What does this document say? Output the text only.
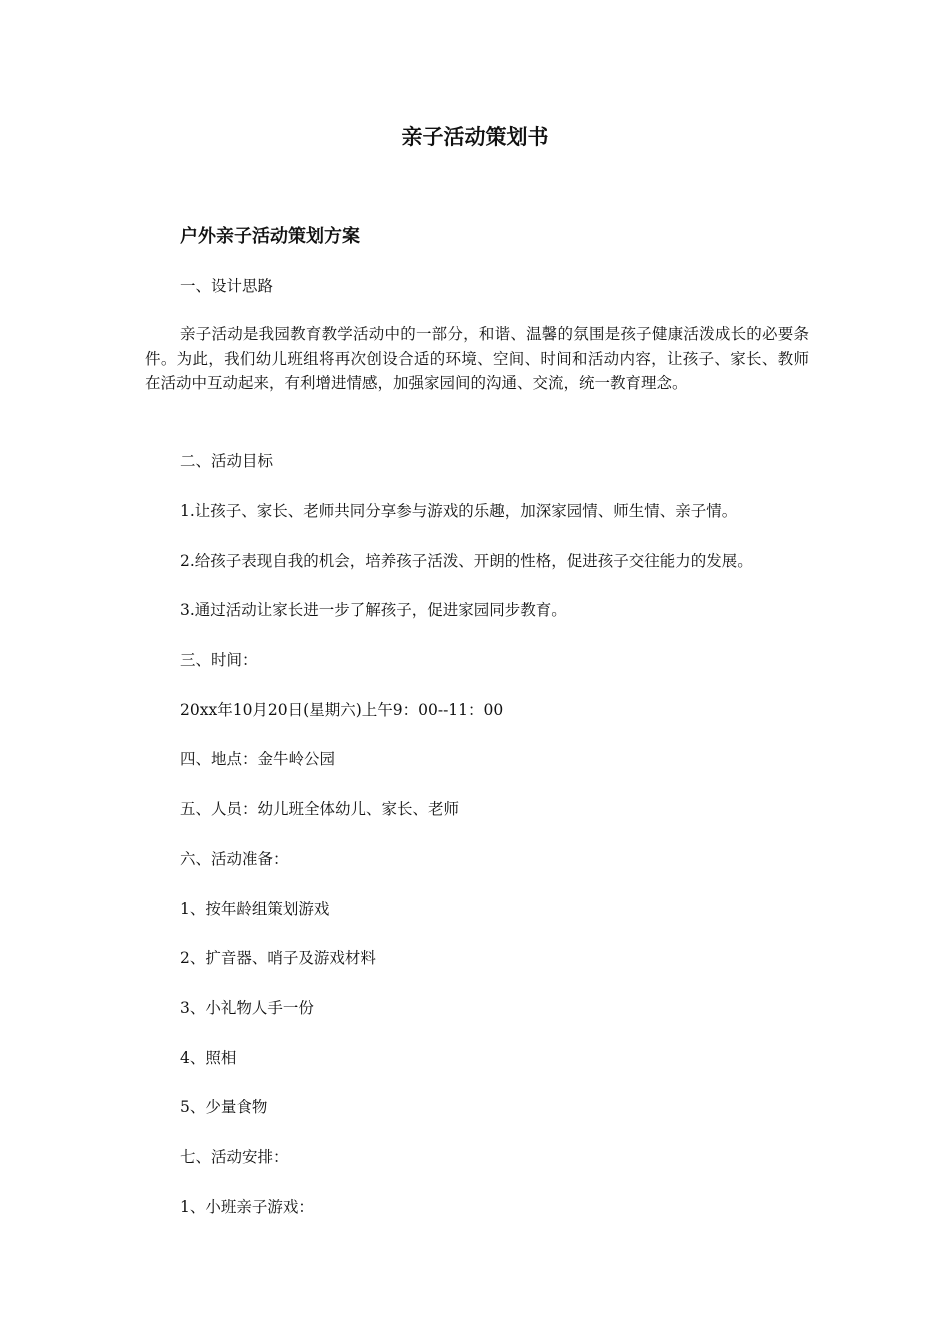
亲子活动策划书
户外亲子活动策划方案
一、设计思路
亲子活动是我园教育教学活动中的一部分，和谐、温馨的氛围是孩子健康活泼成长的必要条件。为此，我们幼儿班组将再次创设合适的环境、空间、时间和活动内容，让孩子、家长、教师在活动中互动起来，有利增进情感，加强家园间的沟通、交流，统一教育理念。
二、活动目标
1.让孩子、家长、老师共同分享参与游戏的乐趣，加深家园情、师生情、亲子情。
2.给孩子表现自我的机会，培养孩子活泼、开朗的性格，促进孩子交往能力的发展。
3.通过活动让家长进一步了解孩子，促进家园同步教育。
三、时间：
20xx年10月20日(星期六)上午9：00--11：00
四、地点：金牛岭公园
五、人员：幼儿班全体幼儿、家长、老师
六、活动准备：
1、按年龄组策划游戏
2、扩音器、哨子及游戏材料
3、小礼物人手一份
4、照相
5、少量食物
七、活动安排：
1、小班亲子游戏：
